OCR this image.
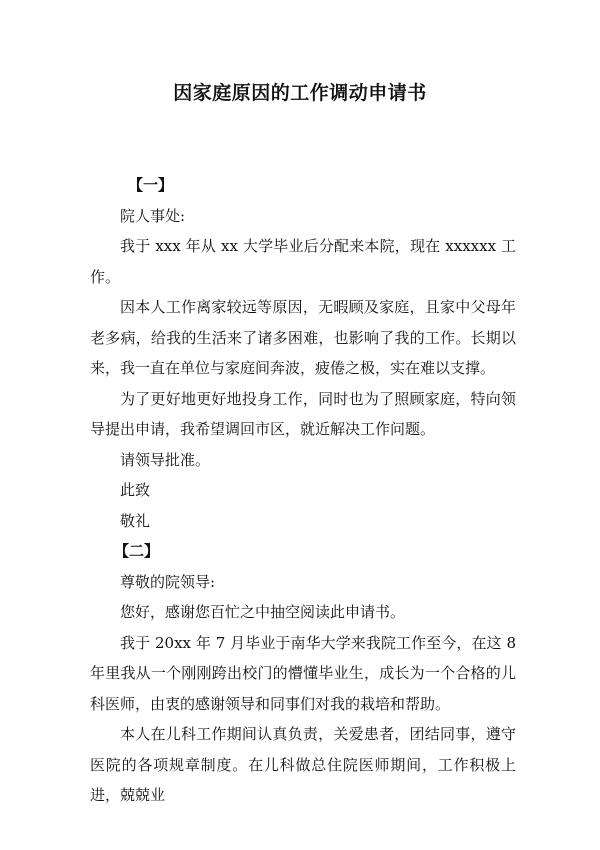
因家庭原因的工作调动申请书

【一】

院人事处:

我于 xxx 年从 xx 大学毕业后分配来本院，现在 xxxxxx 工作。

因本人工作离家较远等原因，无暇顾及家庭，且家中父母年老多病，给我的生活来了诸多困难，也影响了我的工作。长期以来，我一直在单位与家庭间奔波，疲倦之极，实在难以支撑。

为了更好地更好地投身工作，同时也为了照顾家庭，特向领导提出申请，我希望调回市区，就近解决工作问题。

请领导批准。

此致

敬礼

【二】

尊敬的院领导:

您好，感谢您百忙之中抽空阅读此申请书。

我于 20xx 年 7 月毕业于南华大学来我院工作至今，在这 8 年里我从一个刚刚跨出校门的懵懂毕业生，成长为一个合格的儿科医师，由衷的感谢领导和同事们对我的栽培和帮助。

本人在儿科工作期间认真负责，关爱患者，团结同事，遵守医院的各项规章制度。在儿科做总住院医师期间，工作积极上进，兢兢业
